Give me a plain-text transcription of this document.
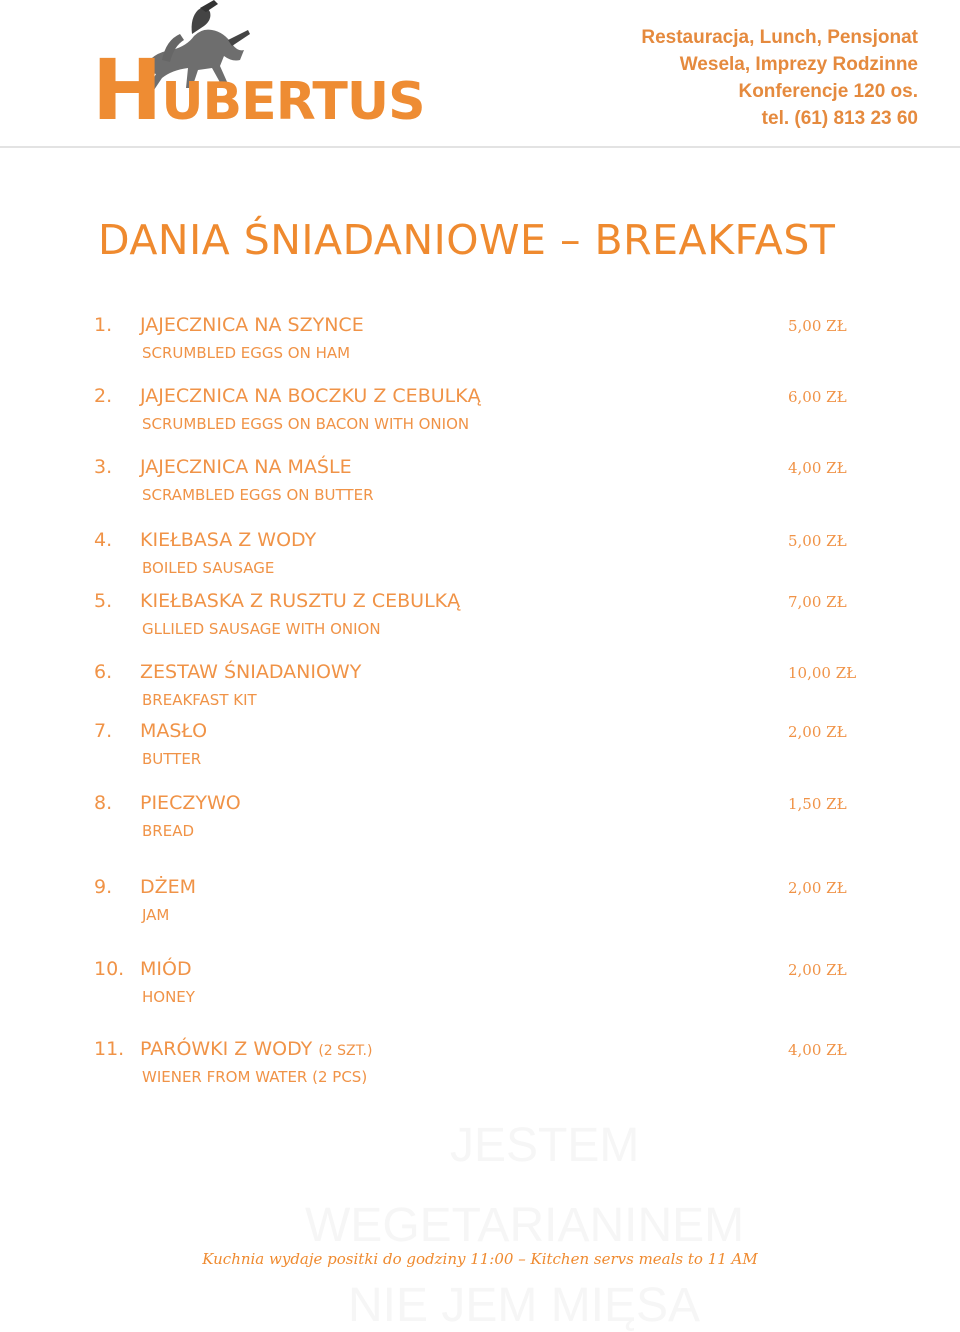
HUBERTUS
Restauracja, Lunch, Pensjonat
Wesela, Imprezy Rodzinne
Konferencje 120 os.
tel. (61) 813 23 60
DANIA ŚNIADANIOWE – BREAKFAST
JESTEM
WEGETARIANINEM
NIE JEM MIĘSA
1. JAJECZNICA NA SZYNCE
SCRUMBLED EGGS ON HAM
5,00 ZŁ
2. JAJECZNICA NA BOCZKU Z CEBULKĄ
SCRUMBLED EGGS ON BACON WITH ONION
6,00 ZŁ
3. JAJECZNICA NA MAŚLE
SCRAMBLED EGGS ON BUTTER
4,00 ZŁ
4. KIEŁBASA Z WODY
BOILED SAUSAGE
5,00 ZŁ
5. KIEŁBASKA Z RUSZTU Z CEBULKĄ
GLLILED SAUSAGE WITH ONION
7,00 ZŁ
6. ZESTAW ŚNIADANIOWY
BREAKFAST KIT
10,00 ZŁ
7. MASŁO
BUTTER
2,00 ZŁ
8. PIECZYWO
BREAD
1,50 ZŁ
9. DŻEM
JAM
2,00 ZŁ
10. MIÓD
HONEY
2,00 ZŁ
11. PARÓWKI Z WODY (2 SZT.)
WIENER FROM WATER (2 PCS)
4,00 ZŁ
Kuchnia wydaje positki do godziny 11:00 – Kitchen servs meals to 11 AM
